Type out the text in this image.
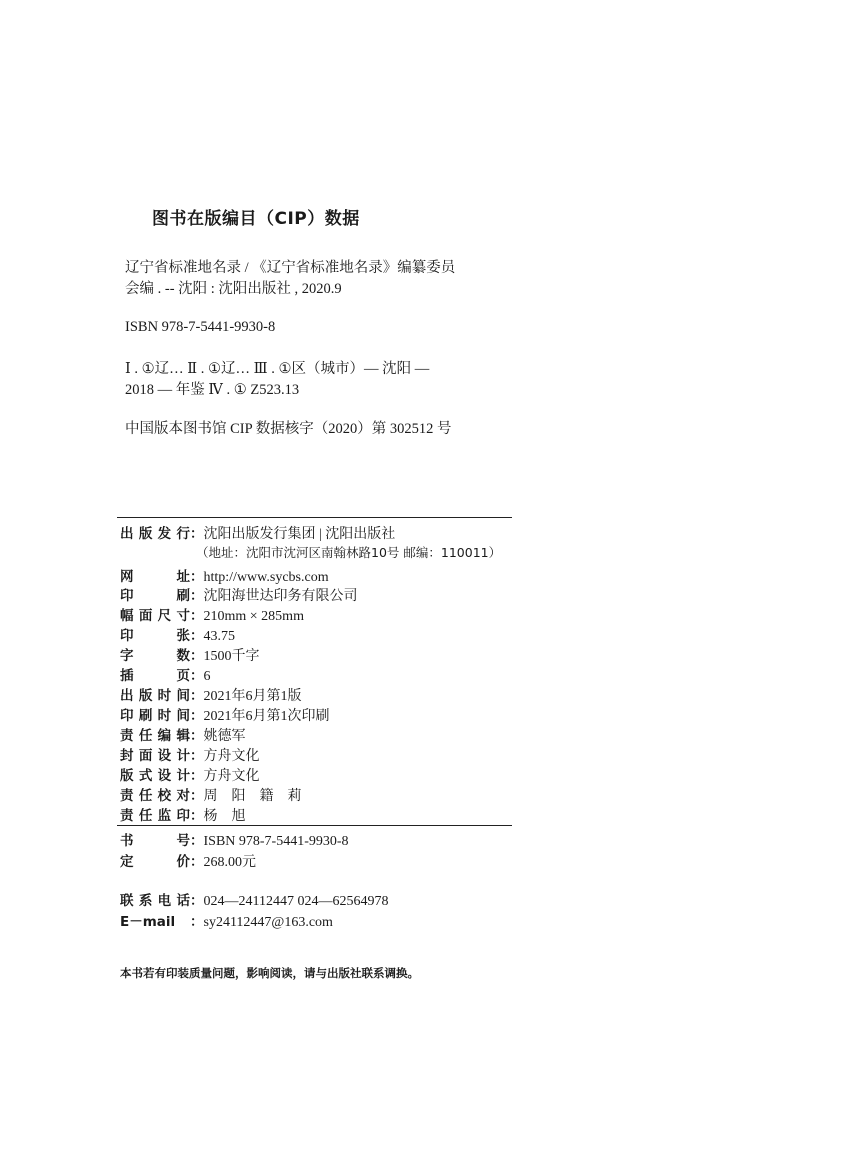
图书在版编目（CIP）数据
辽宁省标准地名录 / 《辽宁省标准地名录》编纂委员
会编 . -- 沈阳 : 沈阳出版社 , 2020.9
ISBN 978-7-5441-9930-8
Ⅰ . ①辽… Ⅱ . ①辽… Ⅲ . ①区（城市）— 沈阳 —
2018 — 年鉴 Ⅳ . ① Z523.13
中国版本图书馆 CIP 数据核字（2020）第 302512 号
出版发行：沈阳出版发行集团 | 沈阳出版社
（地址：沈阳市沈河区南翰林路10号 邮编：110011）
网址：http://www.sycbs.com
印刷：沈阳海世达印务有限公司
幅面尺寸：210mm × 285mm
印张：43.75
字数：1500千字
插页：6
出版时间：2021年6月第1版
印刷时间：2021年6月第1次印刷
责任编辑：姚德军
封面设计：方舟文化
版式设计：方舟文化
责任校对：周　阳　籍　莉
责任监印：杨　旭
书号：ISBN 978-7-5441-9930-8
定价：268.00元
联系电话：024—24112447 024—62564978
E－mail ：sy24112447@163.com
本书若有印装质量问题，影响阅读，请与出版社联系调换。
